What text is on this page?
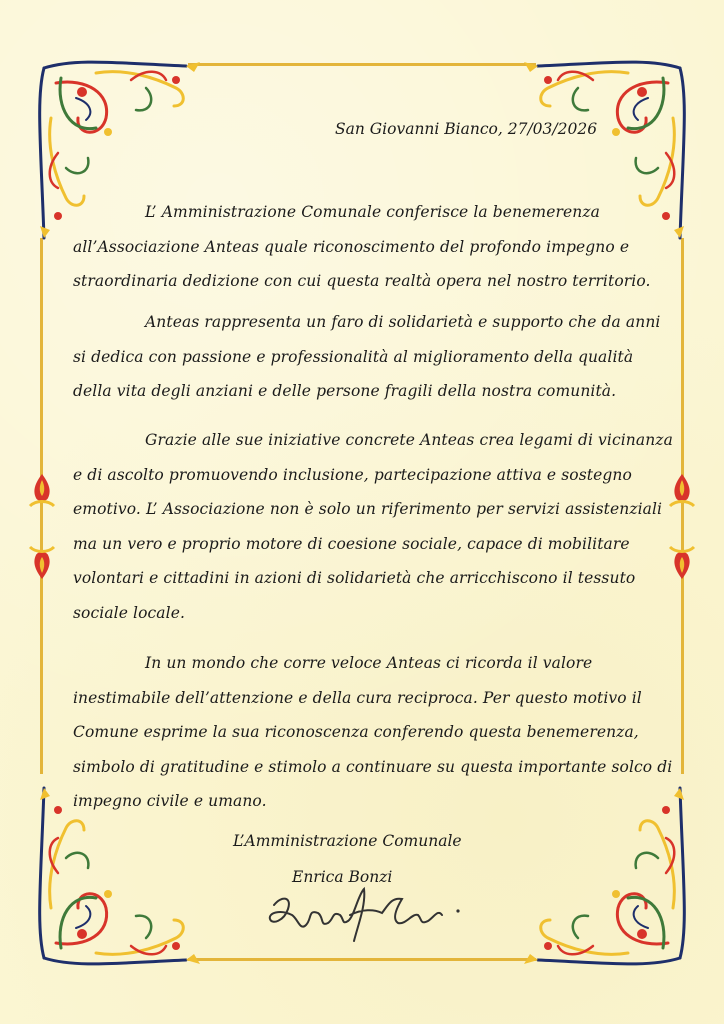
San Giovanni Bianco, 27/03/2026

L’ Amministrazione Comunale conferisce la benemerenza all’Associazione Anteas quale riconoscimento del profondo impegno e straordinaria dedizione con cui questa realtà opera nel nostro territorio.

Anteas rappresenta un faro di solidarietà e supporto che da anni si dedica con passione e professionalità al miglioramento della qualità della vita degli anziani e delle persone fragili della nostra comunità.

Grazie alle sue iniziative concrete Anteas crea legami di vicinanza e di ascolto promuovendo inclusione, partecipazione attiva e sostegno emotivo. L’ Associazione non è solo un riferimento per servizi assistenziali ma un vero e proprio motore di coesione sociale, capace di mobilitare volontari e cittadini in azioni di solidarietà che arricchiscono il tessuto sociale locale.

In un mondo che corre veloce Anteas ci ricorda il valore inestimabile dell’attenzione e della cura reciproca. Per questo motivo il Comune esprime la sua riconoscenza conferendo questa benemerenza, simbolo di gratitudine e stimolo a continuare su questa importante solco di impegno civile e umano.

L’Amministrazione Comunale
Enrica Bonzi
